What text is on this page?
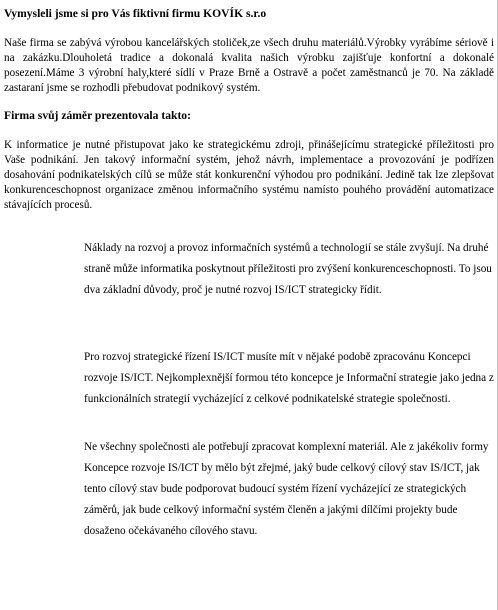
Vymysleli jsme si pro Vás fiktivní firmu KOVÍK s.r.o

Naše firma se zabývá výrobou kancelářských stoliček,ze všech druhu materiálů.Výrobky vyrábíme sériově i na zakázku.Dlouholetá tradice a dokonalá kvalita našich výrobku zajišťuje konfortní a dokonalé posezení.Máme 3 výrobní haly,které sídlí v Praze Brně a Ostravě a počet zaměstnanců je 70. Na základě zastaraní jsme se rozhodli přebudovat podnikový systém.

Firma svůj záměr prezentovala takto:

K informatice je nutné přistupovat jako ke strategickému zdroji, přinášejícímu strategické příležitosti pro Vaše podnikání. Jen takový informační systém, jehož návrh, implementace a provozování je podřízen dosahování podnikatelských cílů se může stát konkurenční výhodou pro podnikání. Jedině tak lze zlepšovat konkurenceschopnost organizace změnou informačního systému namísto pouhého provádění automatizace stávajících procesů.

Náklady na rozvoj a provoz informačních systémů a technologií se stále zvyšují. Na druhé straně může informatika poskytnout příležitosti pro zvýšení konkurenceschopnosti. To jsou dva základní důvody, proč je nutné rozvoj IS/ICT strategicky řídit.

Pro rozvoj strategické řízení IS/ICT musíte mít v nějaké podobě zpracovánu Koncepci rozvoje IS/ICT. Nejkomplexnější formou této koncepce je Informační strategie jako jedna z funkcionálních strategií vycházející z celkové podnikatelské strategie společnosti.

Ne všechny společnosti ale potřebují zpracovat komplexní materiál. Ale z jakékoliv formy Koncepce rozvoje IS/ICT by mělo být zřejmé, jaký bude celkový cílový stav IS/ICT, jak tento cílový stav bude podporovat budoucí systém řízení vycházející ze strategických záměrů, jak bude celkový informační systém členěn a jakými dílčími projekty bude dosaženo očekávaného cílového stavu.
